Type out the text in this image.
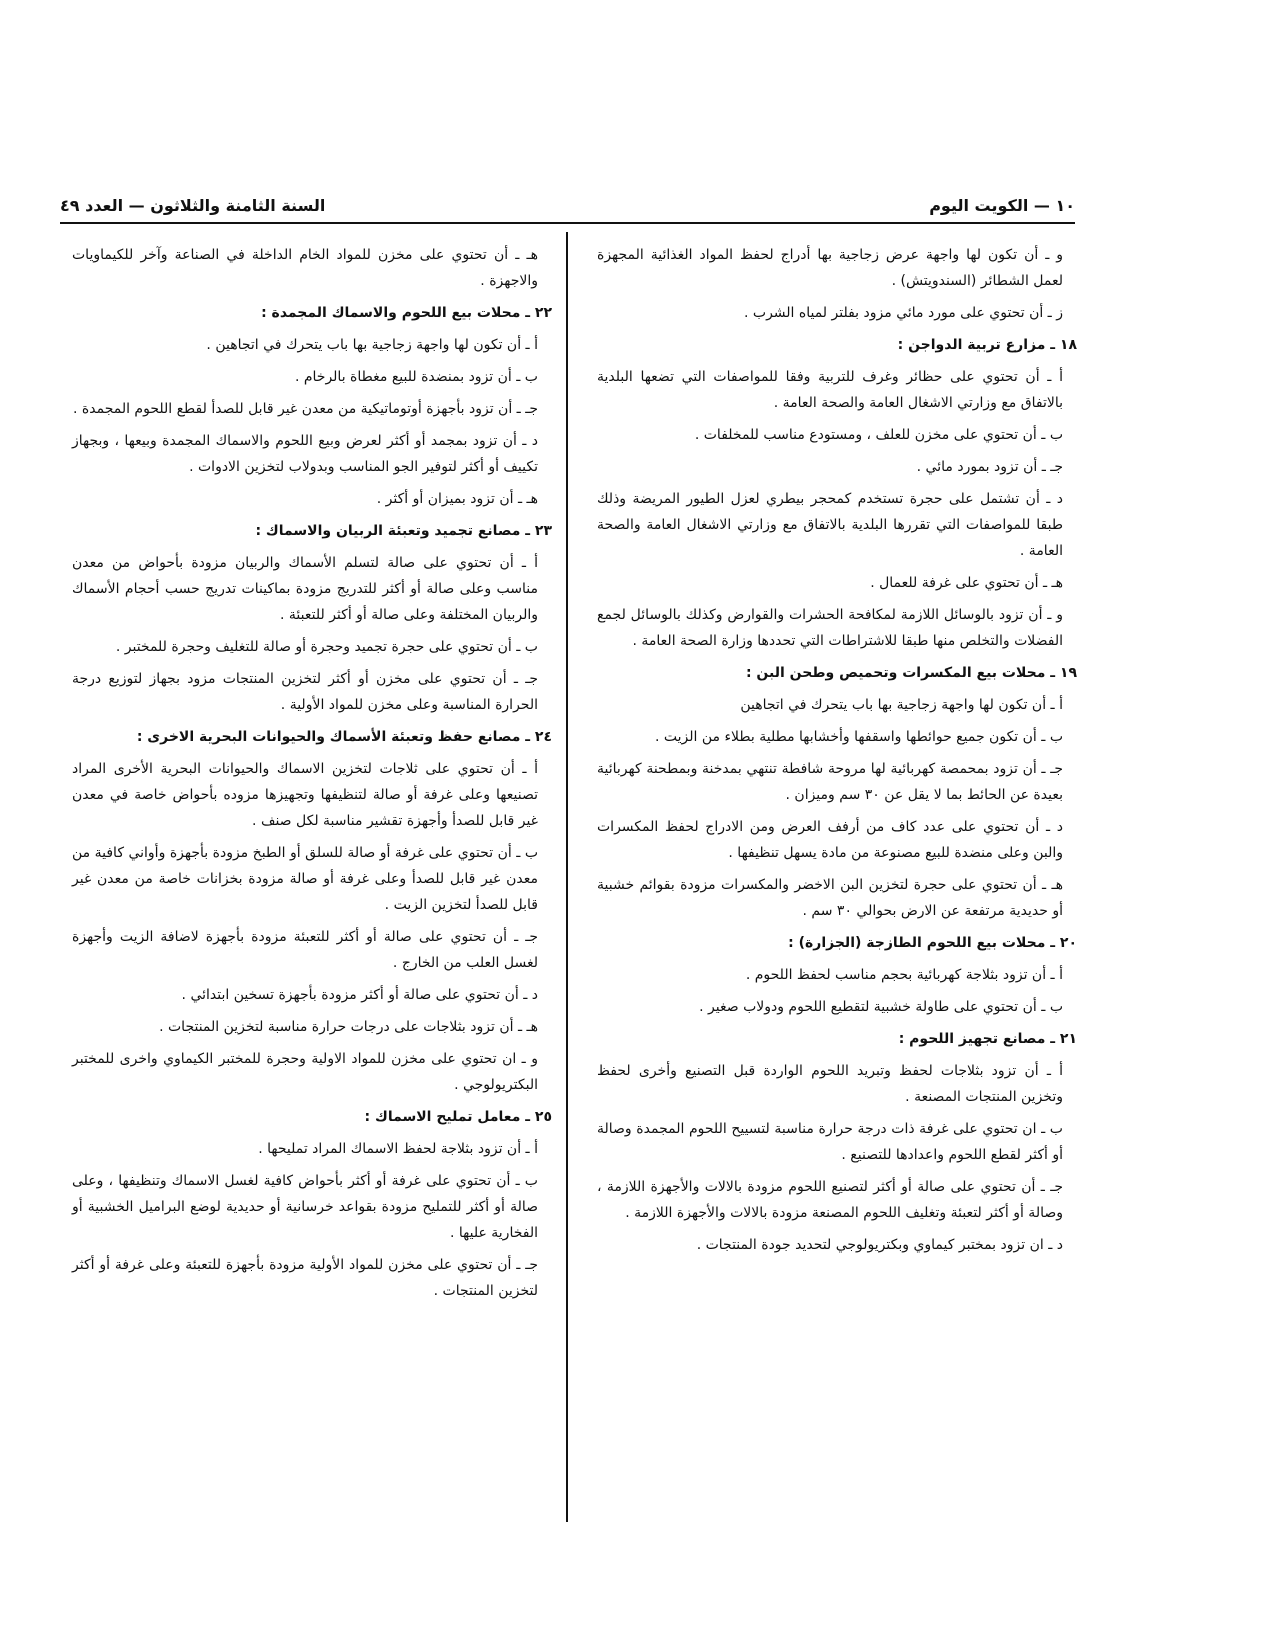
١٠ — الكويت اليوم
السنة الثامنة والثلاثون — العدد ٤٩

و ـ أن تكون لها واجهة عرض زجاجية بها أدراج لحفظ المواد الغذائية المجهزة لعمل الشطائر (السندويتش) .

ز ـ أن تحتوي على مورد مائي مزود بفلتر لمياه الشرب .

١٨ ـ مزارع تربية الدواجن :

أ ـ أن تحتوي على حظائر وغرف للتربية وفقا للمواصفات التي تضعها البلدية بالاتفاق مع وزارتي الاشغال العامة والصحة العامة .

ب ـ أن تحتوي على مخزن للعلف ، ومستودع مناسب للمخلفات .

جـ ـ أن تزود بمورد مائي .

د ـ أن تشتمل على حجرة تستخدم كمحجر بيطري لعزل الطيور المريضة وذلك طبقا للمواصفات التي تقررها البلدية بالاتفاق مع وزارتي الاشغال العامة والصحة العامة .

هـ ـ أن تحتوي على غرفة للعمال .

و ـ أن تزود بالوسائل اللازمة لمكافحة الحشرات والقوارض وكذلك بالوسائل لجمع الفضلات والتخلص منها طبقا للاشتراطات التي تحددها وزارة الصحة العامة .

١٩ ـ محلات بيع المكسرات وتحميص وطحن البن :

أ ـ أن تكون لها واجهة زجاجية بها باب يتحرك في اتجاهين

ب ـ أن تكون جميع حوائطها واسقفها وأخشابها مطلية بطلاء من الزيت .

جـ ـ أن تزود بمحمصة كهربائية لها مروحة شافطة تنتهي بمدخنة وبمطحنة كهربائية بعيدة عن الحائط بما لا يقل عن ٣٠ سم وميزان .

د ـ أن تحتوي على عدد كاف من أرفف العرض ومن الادراج لحفظ المكسرات والبن وعلى منضدة للبيع مصنوعة من مادة يسهل تنظيفها .

هـ ـ أن تحتوي على حجرة لتخزين البن الاخضر والمكسرات مزودة بقوائم خشبية أو حديدية مرتفعة عن الارض بحوالي ٣٠ سم .

٢٠ ـ محلات بيع اللحوم الطازجة (الجزارة) :

أ ـ أن تزود بثلاجة كهربائية بحجم مناسب لحفظ اللحوم .

ب ـ أن تحتوي على طاولة خشبية لتقطيع اللحوم ودولاب صغير .

٢١ ـ مصانع تجهيز اللحوم :

أ ـ أن تزود بثلاجات لحفظ وتبريد اللحوم الواردة قبل التصنيع وأخرى لحفظ وتخزين المنتجات المصنعة .

ب ـ ان تحتوي على غرفة ذات درجة حرارة مناسبة لتسييح اللحوم المجمدة وصالة أو أكثر لقطع اللحوم واعدادها للتصنيع .

جـ ـ أن تحتوي على صالة أو أكثر لتصنيع اللحوم مزودة بالالات والأجهزة اللازمة ، وصالة أو أكثر لتعبئة وتغليف اللحوم المصنعة مزودة بالالات والأجهزة اللازمة .

د ـ ان تزود بمختبر كيماوي وبكتريولوجي لتحديد جودة المنتجات .

هـ ـ أن تحتوي على مخزن للمواد الخام الداخلة في الصناعة وآخر للكيماويات والاجهزة .

٢٢ ـ محلات بيع اللحوم والاسماك المجمدة :

أ ـ أن تكون لها واجهة زجاجية بها باب يتحرك في اتجاهين .

ب ـ أن تزود بمنضدة للبيع مغطاة بالرخام .

جـ ـ أن تزود بأجهزة أوتوماتيكية من معدن غير قابل للصدأ لقطع اللحوم المجمدة .

د ـ أن تزود بمجمد أو أكثر لعرض وبيع اللحوم والاسماك المجمدة وبيعها ، وبجهاز تكييف أو أكثر لتوفير الجو المناسب وبدولاب لتخزين الادوات .

هـ ـ أن تزود بميزان أو أكثر .

٢٣ ـ مصانع تجميد وتعبئة الربيان والاسماك :

أ ـ أن تحتوي على صالة لتسلم الأسماك والربيان مزودة بأحواض من معدن مناسب وعلى صالة أو أكثر للتدريج مزودة بماكينات تدريج حسب أحجام الأسماك والربيان المختلفة وعلى صالة أو أكثر للتعبئة .

ب ـ أن تحتوي على حجرة تجميد وحجرة أو صالة للتغليف وحجرة للمختبر .

جـ ـ أن تحتوي على مخزن أو أكثر لتخزين المنتجات مزود بجهاز لتوزيع درجة الحرارة المناسبة وعلى مخزن للمواد الأولية .

٢٤ ـ مصانع حفظ وتعبئة الأسماك والحيوانات البحرية الاخرى :

أ ـ أن تحتوي على ثلاجات لتخزين الاسماك والحيوانات البحرية الأخرى المراد تصنيعها وعلى غرفة أو صالة لتنظيفها وتجهيزها مزوده بأحواض خاصة في معدن غير قابل للصدأ وأجهزة تقشير مناسبة لكل صنف .

ب ـ أن تحتوي على غرفة أو صالة للسلق أو الطبخ مزودة بأجهزة وأواني كافية من معدن غير قابل للصدأ وعلى غرفة أو صالة مزودة بخزانات خاصة من معدن غير قابل للصدأ لتخزين الزيت .

جـ ـ أن تحتوي على صالة أو أكثر للتعبئة مزودة بأجهزة لاضافة الزيت وأجهزة لغسل العلب من الخارج .

د ـ أن تحتوي على صالة أو أكثر مزودة بأجهزة تسخين ابتدائي .

هـ ـ أن تزود بثلاجات على درجات حرارة مناسبة لتخزين المنتجات .

و ـ ان تحتوي على مخزن للمواد الاولية وحجرة للمختبر الكيماوي واخرى للمختبر البكتريولوجي .

٢٥ ـ معامل تمليح الاسماك :

أ ـ أن تزود بثلاجة لحفظ الاسماك المراد تمليحها .

ب ـ أن تحتوي على غرفة أو أكثر بأحواض كافية لغسل الاسماك وتنظيفها ، وعلى صالة أو أكثر للتمليح مزودة بقواعد خرسانية أو حديدية لوضع البراميل الخشبية أو الفخارية عليها .

جـ ـ أن تحتوي على مخزن للمواد الأولية مزودة بأجهزة للتعبئة وعلى غرفة أو أكثر لتخزين المنتجات .
